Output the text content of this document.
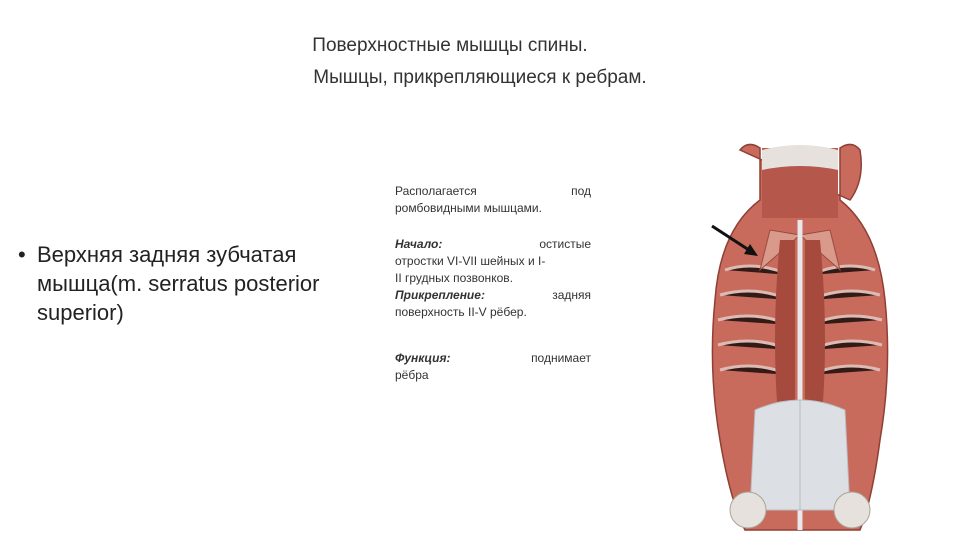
Поверхностные мышцы спины.
Мышцы, прикрепляющиеся к ребрам.
• Верхняя задняя зубчатая мышца(m. serratus posterior superior)
Располагается	под

ромбовидными мышцами.

Начало:	остистые

отростки VI-VII шейных и I-

II грудных позвонков.

Прикрепление:	задняя

поверхность II-V рёбер.

Функция:	поднимает

рёбра
